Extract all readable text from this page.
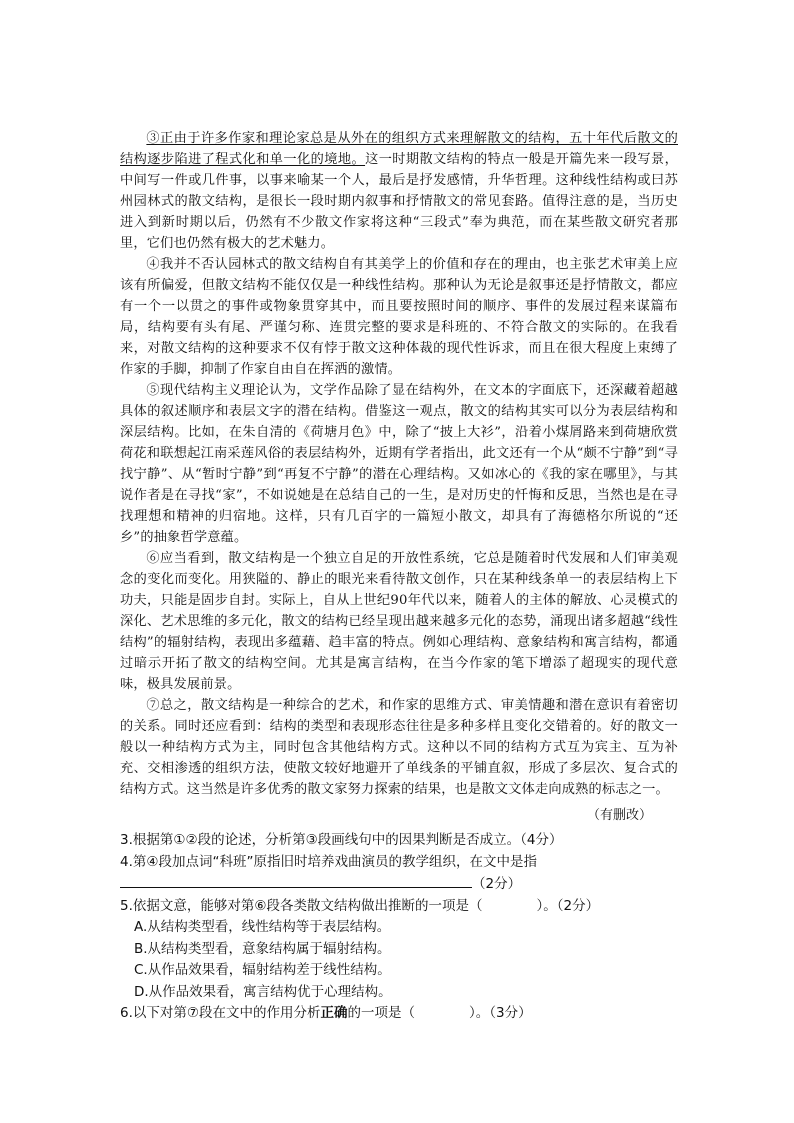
③正由于许多作家和理论家总是从外在的组织方式来理解散文的结构，五十年代后散文的结构逐步陷进了程式化和单一化的境地。这一时期散文结构的特点一般是开篇先来一段写景，中间写一件或几件事，以事来喻某一个人，最后是抒发感情，升华哲理。这种线性结构或曰苏州园林式的散文结构，是很长一段时期内叙事和抒情散文的常见套路。值得注意的是，当历史进入到新时期以后，仍然有不少散文作家将这种“三段式”奉为典范，而在某些散文研究者那里，它们也仍然有极大的艺术魅力。

④我并不否认园林式的散文结构自有其美学上的价值和存在的理由，也主张艺术审美上应该有所偏爱，但散文结构不能仅仅是一种线性结构。那种认为无论是叙事还是抒情散文，都应有一个一以贯之的事件或物象贯穿其中，而且要按照时间的顺序、事件的发展过程来谋篇布局，结构要有头有尾、严谨匀称、连贯完整的要求是科班的、不符合散文的实际的。在我看来，对散文结构的这种要求不仅有悖于散文这种体裁的现代性诉求，而且在很大程度上束缚了作家的手脚，抑制了作家自由自在挥洒的激情。

⑤现代结构主义理论认为，文学作品除了显在结构外，在文本的字面底下，还深藏着超越具体的叙述顺序和表层文字的潜在结构。借鉴这一观点，散文的结构其实可以分为表层结构和深层结构。比如，在朱自清的《荷塘月色》中，除了“披上大衫”，沿着小煤屑路来到荷塘欣赏荷花和联想起江南采莲风俗的表层结构外，近期有学者指出，此文还有一个从“颇不宁静”到“寻找宁静”、从“暂时宁静”到“再复不宁静”的潜在心理结构。又如冰心的《我的家在哪里》，与其说作者是在寻找“家”，不如说她是在总结自己的一生，是对历史的忏悔和反思，当然也是在寻找理想和精神的归宿地。这样，只有几百字的一篇短小散文，却具有了海德格尔所说的“还乡”的抽象哲学意蕴。

⑥应当看到，散文结构是一个独立自足的开放性系统，它总是随着时代发展和人们审美观念的变化而变化。用狭隘的、静止的眼光来看待散文创作，只在某种线条单一的表层结构上下功夫，只能是固步自封。实际上，自从上世纪90年代以来，随着人的主体的解放、心灵模式的深化、艺术思维的多元化，散文的结构已经呈现出越来越多元化的态势，涌现出诸多超越“线性结构”的辐射结构，表现出多蕴藉、趋丰富的特点。例如心理结构、意象结构和寓言结构，都通过暗示开拓了散文的结构空间。尤其是寓言结构，在当今作家的笔下增添了超现实的现代意味，极具发展前景。

⑦总之，散文结构是一种综合的艺术，和作家的思维方式、审美情趣和潜在意识有着密切的关系。同时还应看到：结构的类型和表现形态往往是多种多样且变化交错着的。好的散文一般以一种结构方式为主，同时包含其他结构方式。这种以不同的结构方式互为宾主、互为补充、交相渗透的组织方法，使散文较好地避开了单线条的平铺直叙，形成了多层次、复合式的结构方式。这当然是许多优秀的散文家努力探索的结果，也是散文文体走向成熟的标志之一。

（有删改）

3.根据第①②段的论述，分析第③段画线句中的因果判断是否成立。（4分）

4.第④段加点词“科班”原指旧时培养戏曲演员的教学组织，在文中是指

（2分）

5.依据文意，能够对第⑥段各类散文结构做出推断的一项是（　　　　）。（2分）

A.从结构类型看，线性结构等于表层结构。

B.从结构类型看，意象结构属于辐射结构。

C.从作品效果看，辐射结构差于线性结构。

D.从作品效果看，寓言结构优于心理结构。

6.以下对第⑦段在文中的作用分析正确的一项是（　　　　）。（3分）
